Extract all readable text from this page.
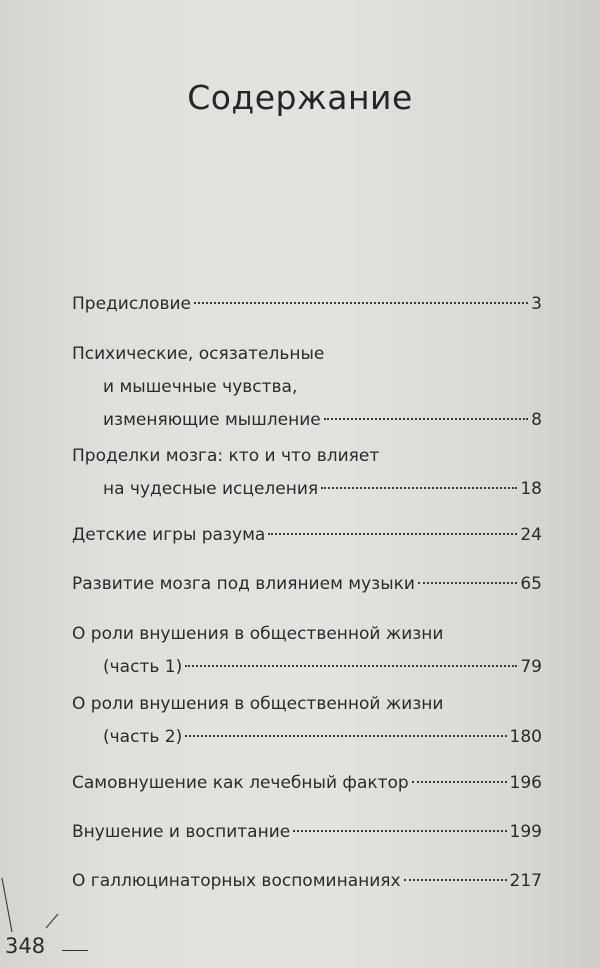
Содержание
Предисловие	3
Психические, осязательные
и мышечные чувства,
изменяющие мышление	8
Проделки мозга: кто и что влияет
на чудесные исцеления	18
Детские игры разума	24
Развитие мозга под влиянием музыки	65
О роли внушения в общественной жизни
(часть 1)	79
О роли внушения в общественной жизни
(часть 2)	180
Самовнушение как лечебный фактор	196
Внушение и воспитание	199
О галлюцинаторных воспоминаниях	217
348
